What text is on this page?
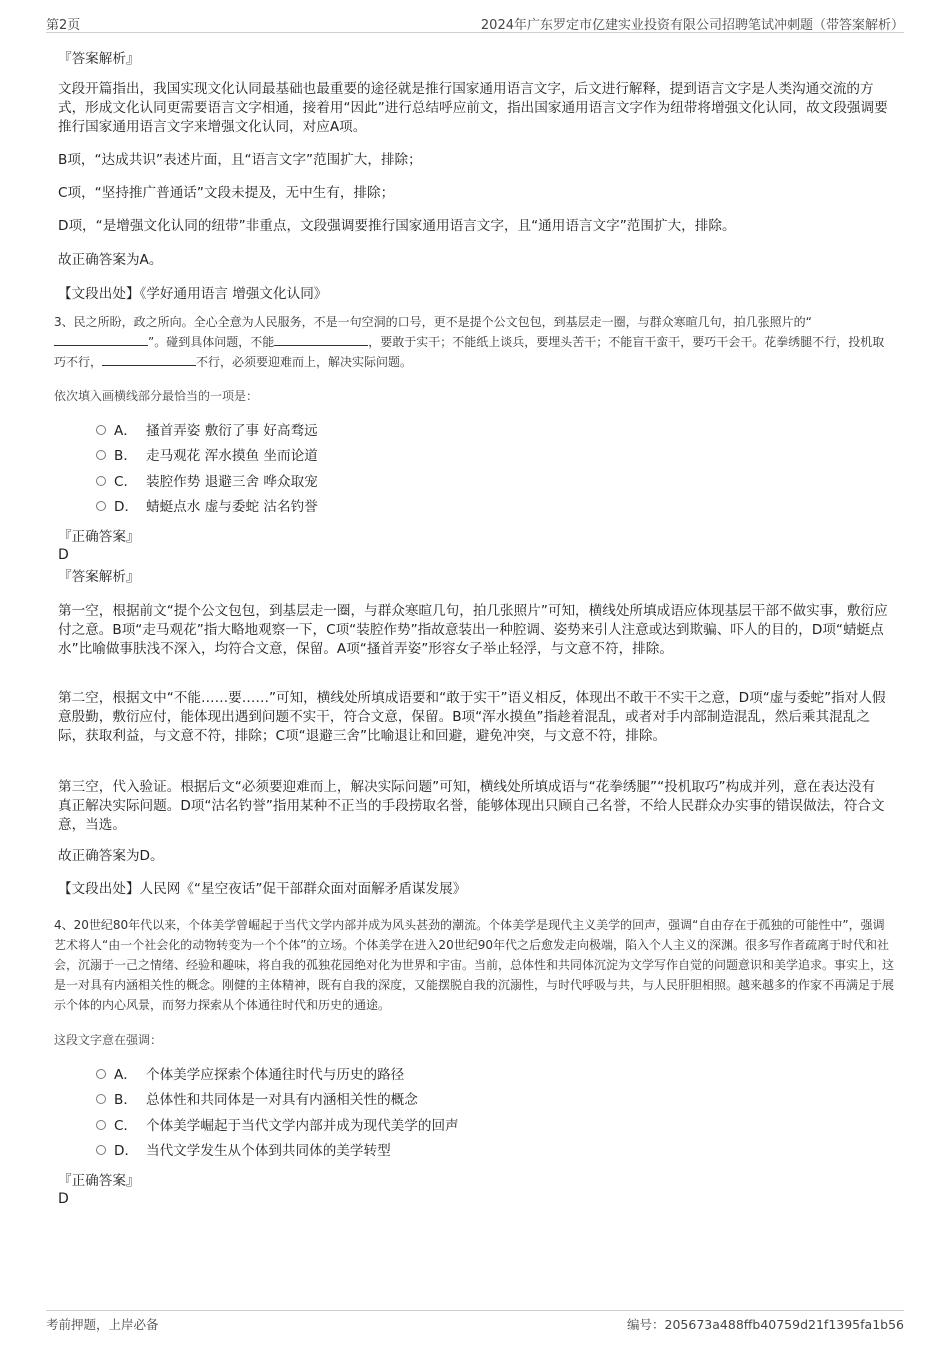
第2页	2024年广东罗定市亿建实业投资有限公司招聘笔试冲刺题（带答案解析）
『答案解析』
文段开篇指出，我国实现文化认同最基础也最重要的途径就是推行国家通用语言文字，后文进行解释，提到语言文字是人类沟通交流的方式，形成文化认同更需要语言文字相通，接着用“因此”进行总结呼应前文，指出国家通用语言文字作为纽带将增强文化认同，故文段强调要推行国家通用语言文字来增强文化认同，对应A项。
B项，“达成共识”表述片面，且“语言文字”范围扩大，排除；
C项，“坚持推广普通话”文段未提及，无中生有，排除；
D项，“是增强文化认同的纽带”非重点，文段强调要推行国家通用语言文字，且“通用语言文字”范围扩大，排除。
故正确答案为A。
【文段出处】《学好通用语言 增强文化认同》
3、民之所盼，政之所向。全心全意为人民服务，不是一句空洞的口号，更不是提个公文包包，到基层走一圈，与群众寒暄几句，拍几张照片的“”。碰到具体问题，不能	，要敢于实干；不能纸上谈兵，要埋头苦干；不能盲干蛮干，要巧干会干。花拳绣腿不行，投机取巧不行，	不行，必须要迎难而上，解决实际问题。
依次填入画横线部分最恰当的一项是：
A． 搔首弄姿 敷衍了事 好高骛远
B． 走马观花 浑水摸鱼 坐而论道
C． 装腔作势 退避三舍 哗众取宠
D． 蜻蜓点水 虚与委蛇 沽名钓誉
『正确答案』
D
『答案解析』
第一空，根据前文“提个公文包包，到基层走一圈，与群众寒暄几句，拍几张照片”可知，横线处所填成语应体现基层干部不做实事，敷衍应付之意。B项“走马观花”指大略地观察一下，C项“装腔作势”指故意装出一种腔调、姿势来引人注意或达到欺骗、吓人的目的，D项“蜻蜓点水”比喻做事肤浅不深入，均符合文意，保留。A项“搔首弄姿”形容女子举止轻浮，与文意不符，排除。
第二空，根据文中“不能……要……”可知，横线处所填成语要和“敢于实干”语义相反，体现出不敢干不实干之意，D项“虚与委蛇”指对人假意殷勤，敷衍应付，能体现出遇到问题不实干，符合文意，保留。B项“浑水摸鱼”指趁着混乱，或者对手内部制造混乱，然后乘其混乱之际，获取利益，与文意不符，排除；C项“退避三舍”比喻退让和回避，避免冲突，与文意不符，排除。
第三空，代入验证。根据后文“必须要迎难而上，解决实际问题”可知，横线处所填成语与“花拳绣腿”“投机取巧”构成并列，意在表达没有真正解决实际问题。D项“沽名钓誉”指用某种不正当的手段捞取名誉，能够体现出只顾自己名誉，不给人民群众办实事的错误做法，符合文意，当选。
故正确答案为D。
【文段出处】人民网《“星空夜话”促干部群众面对面解矛盾谋发展》
4、20世纪80年代以来，个体美学曾崛起于当代文学内部并成为风头甚劲的潮流。个体美学是现代主义美学的回声，强调“自由存在于孤独的可能性中”，强调艺术将人“由一个社会化的动物转变为一个个体”的立场。个体美学在进入20世纪90年代之后愈发走向极端，陷入个人主义的深渊。很多写作者疏离于时代和社会，沉溺于一己之情绪、经验和趣味，将自我的孤独花园绝对化为世界和宇宙。当前，总体性和共同体沉淀为文学写作自觉的问题意识和美学追求。事实上，这是一对具有内涵相关性的概念。刚健的主体精神，既有自我的深度，又能摆脱自我的沉溺性，与时代呼吸与共，与人民肝胆相照。越来越多的作家不再满足于展示个体的内心风景，而努力探索从个体通往时代和历史的通途。
这段文字意在强调：
A． 个体美学应探索个体通往时代与历史的路径
B． 总体性和共同体是一对具有内涵相关性的概念
C． 个体美学崛起于当代文学内部并成为现代美学的回声
D． 当代文学发生从个体到共同体的美学转型
『正确答案』
D
考前押题，上岸必备	编号：205673a488ffb40759d21f1395fa1b56
